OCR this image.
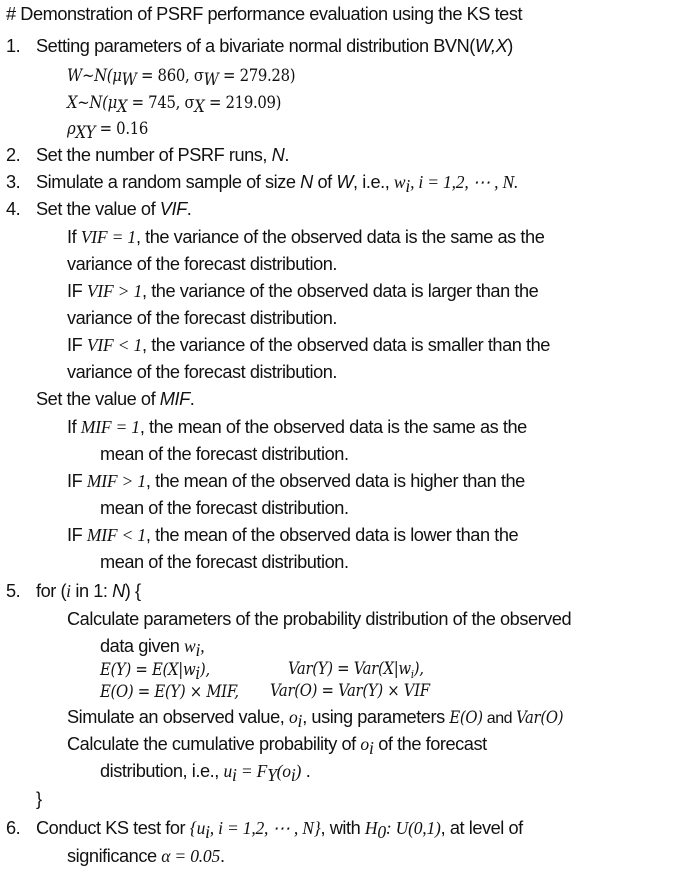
# Demonstration of PSRF performance evaluation using the KS test
1. Setting parameters of a bivariate normal distribution BVN(W,X)
$W\sim N(\mu_W = 860$, $\sigma_W = 279.28$)
$X\sim N(\mu_X = 745$, $\sigma_X = 219.09$)
$\rho_{XY} = 0.16$
2. Set the number of PSRF runs, N.
3. Simulate a random sample of size N of W, i.e., $w_i$, i = 1,2, ⋯ , N.
4. Set the value of VIF.
If VIF = 1, the variance of the observed data is the same as the
variance of the forecast distribution.
IF VIF > 1, the variance of the observed data is larger than the
variance of the forecast distribution.
IF VIF < 1, the variance of the observed data is smaller than the
variance of the forecast distribution.
Set the value of MIF.
If MIF = 1, the mean of the observed data is the same as the
mean of the forecast distribution.
IF MIF > 1, the mean of the observed data is higher than the
mean of the forecast distribution.
IF MIF < 1, the mean of the observed data is lower than the
mean of the forecast distribution.
5. for (i in 1: N) {
Calculate parameters of the probability distribution of the observed
data given $w_i$,
$E(Y) = E(X|w_i)$,	$Var(Y) = Var(X|w_i)$,
E(O) = E(Y) × MIF, Var(O) = Var(Y) × VIF
Simulate an observed value, $o_i$, using parameters E(O) and Var(O)
Calculate the cumulative probability of $o_i$ of the forecast
distribution, i.e., $u_i = F_Y(o_i)$ .
}
6. Conduct KS test for {$u_i$, i = 1,2, ⋯ , N}, with $H_0$: U(0,1), at level of
significance α = 0.05.
